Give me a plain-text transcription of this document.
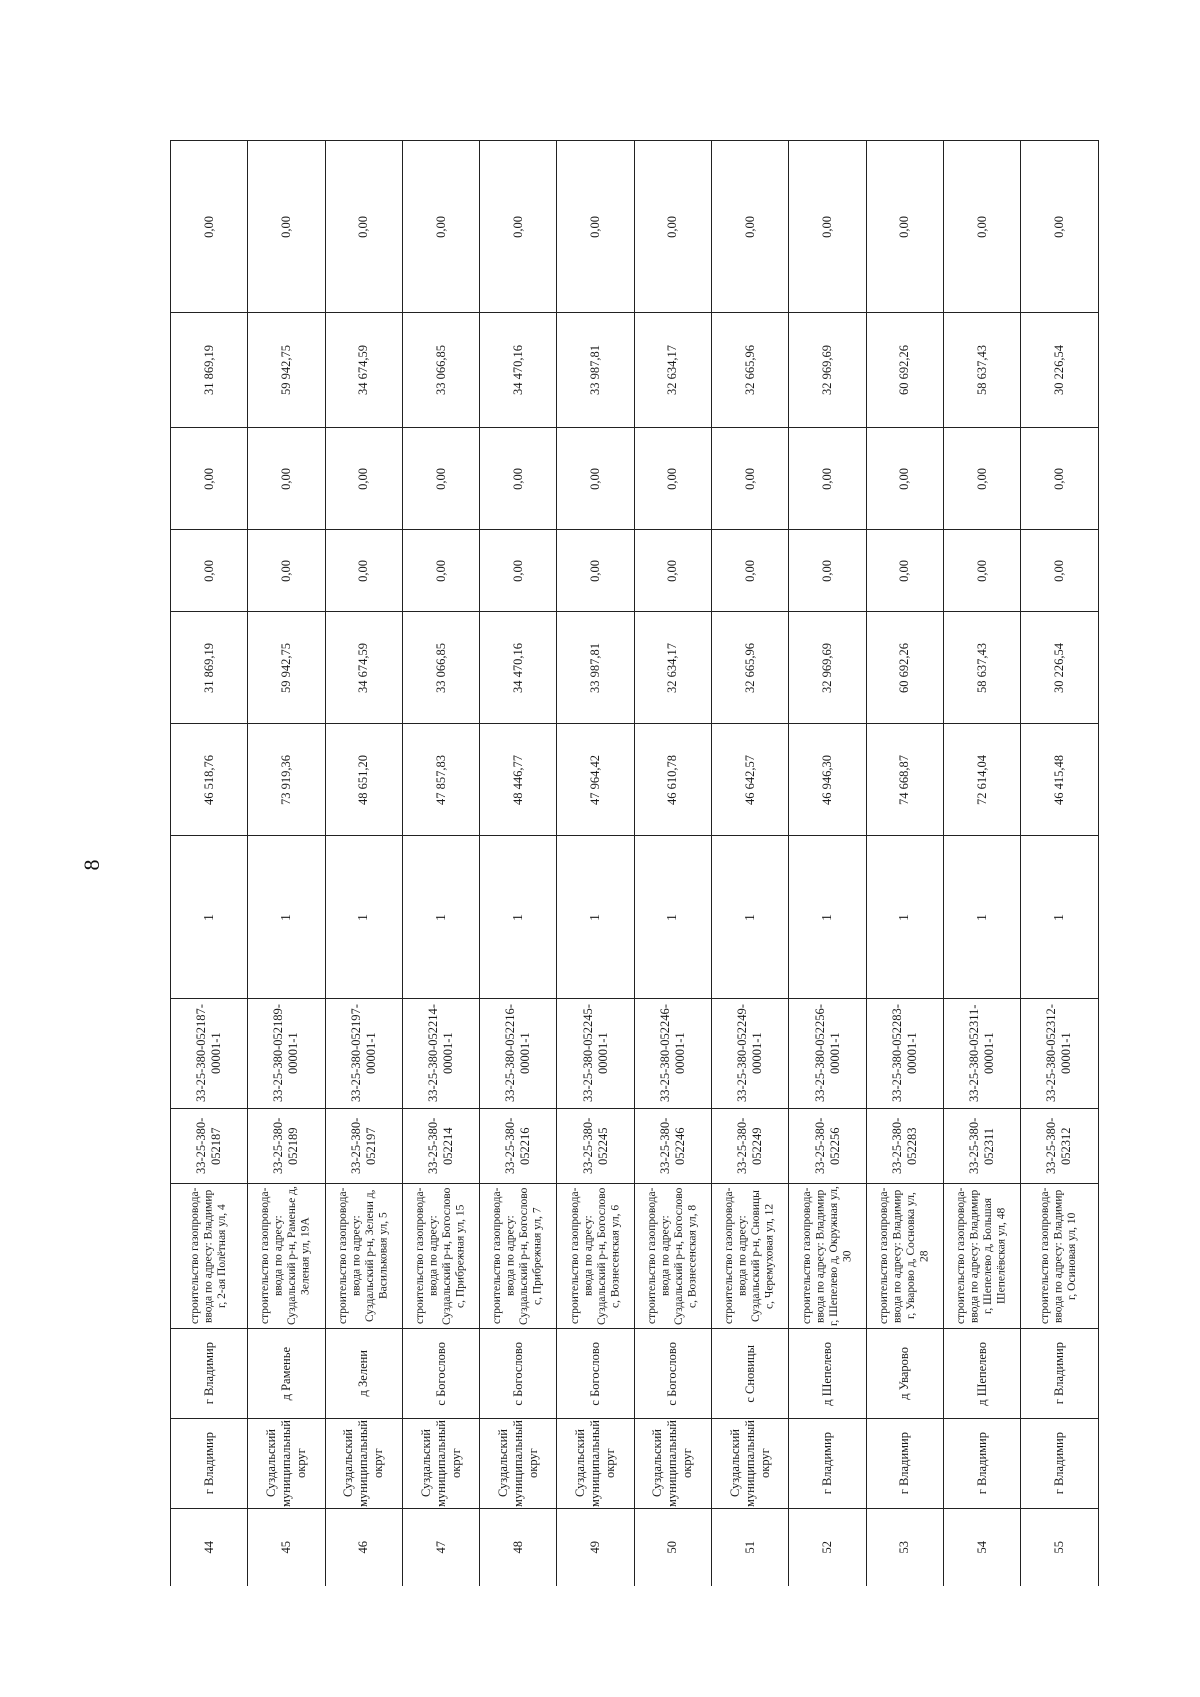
8
44
г Владимир
г Владимир
строительство газопровода-ввода по адресу: Владимир г, 2-ая Полётная ул, 4
33-25-380-052187
33-25-380-052187-00001-1
1
46 518,76
31 869,19
0,00
0,00
31 869,19
0,00
45
Суздальский муниципальный округ
д Раменье
строительство газопровода-ввода по адресу: Суздальский р-н, Раменье д, Зеленая ул, 19А
33-25-380-052189
33-25-380-052189-00001-1
1
73 919,36
59 942,75
0,00
0,00
59 942,75
0,00
46
Суздальский муниципальный округ
д Зелени
строительство газопровода-ввода по адресу: Суздальский р-н, Зелени д, Васильковая ул, 5
33-25-380-052197
33-25-380-052197-00001-1
1
48 651,20
34 674,59
0,00
0,00
34 674,59
0,00
47
Суздальский муниципальный округ
с Богослово
строительство газопровода-ввода по адресу: Суздальский р-н, Богослово с, Прибрежная ул, 15
33-25-380-052214
33-25-380-052214-00001-1
1
47 857,83
33 066,85
0,00
0,00
33 066,85
0,00
48
Суздальский муниципальный округ
с Богослово
строительство газопровода-ввода по адресу: Суздальский р-н, Богослово с, Прибрежная ул, 7
33-25-380-052216
33-25-380-052216-00001-1
1
48 446,77
34 470,16
0,00
0,00
34 470,16
0,00
49
Суздальский муниципальный округ
с Богослово
строительство газопровода-ввода по адресу: Суздальский р-н, Богослово с, Вознесенская ул, 6
33-25-380-052245
33-25-380-052245-00001-1
1
47 964,42
33 987,81
0,00
0,00
33 987,81
0,00
50
Суздальский муниципальный округ
с Богослово
строительство газопровода-ввода по адресу: Суздальский р-н, Богослово с, Вознесенская ул, 8
33-25-380-052246
33-25-380-052246-00001-1
1
46 610,78
32 634,17
0,00
0,00
32 634,17
0,00
51
Суздальский муниципальный округ
с Сновицы
строительство газопровода-ввода по адресу: Суздальский р-н, Сновицы с, Черемуховая ул, 12
33-25-380-052249
33-25-380-052249-00001-1
1
46 642,57
32 665,96
0,00
0,00
32 665,96
0,00
52
г Владимир
д Шепелево
строительство газопровода-ввода по адресу: Владимир г, Шепелево д, Окружная ул, 30
33-25-380-052256
33-25-380-052256-00001-1
1
46 946,30
32 969,69
0,00
0,00
32 969,69
0,00
53
г Владимир
д Уварово
строительство газопровода-ввода по адресу: Владимир г, Уварово д, Сосновка ул, 28
33-25-380-052283
33-25-380-052283-00001-1
1
74 668,87
60 692,26
0,00
0,00
60 692,26
0,00
54
г Владимир
д Шепелево
строительство газопровода-ввода по адресу: Владимир г, Шепелево д, Большая Шепелёвская ул, 48
33-25-380-052311
33-25-380-052311-00001-1
1
72 614,04
58 637,43
0,00
0,00
58 637,43
0,00
55
г Владимир
г Владимир
строительство газопровода-ввода по адресу: Владимир г, Осиновая ул, 10
33-25-380-052312
33-25-380-052312-00001-1
1
46 415,48
30 226,54
0,00
0,00
30 226,54
0,00
